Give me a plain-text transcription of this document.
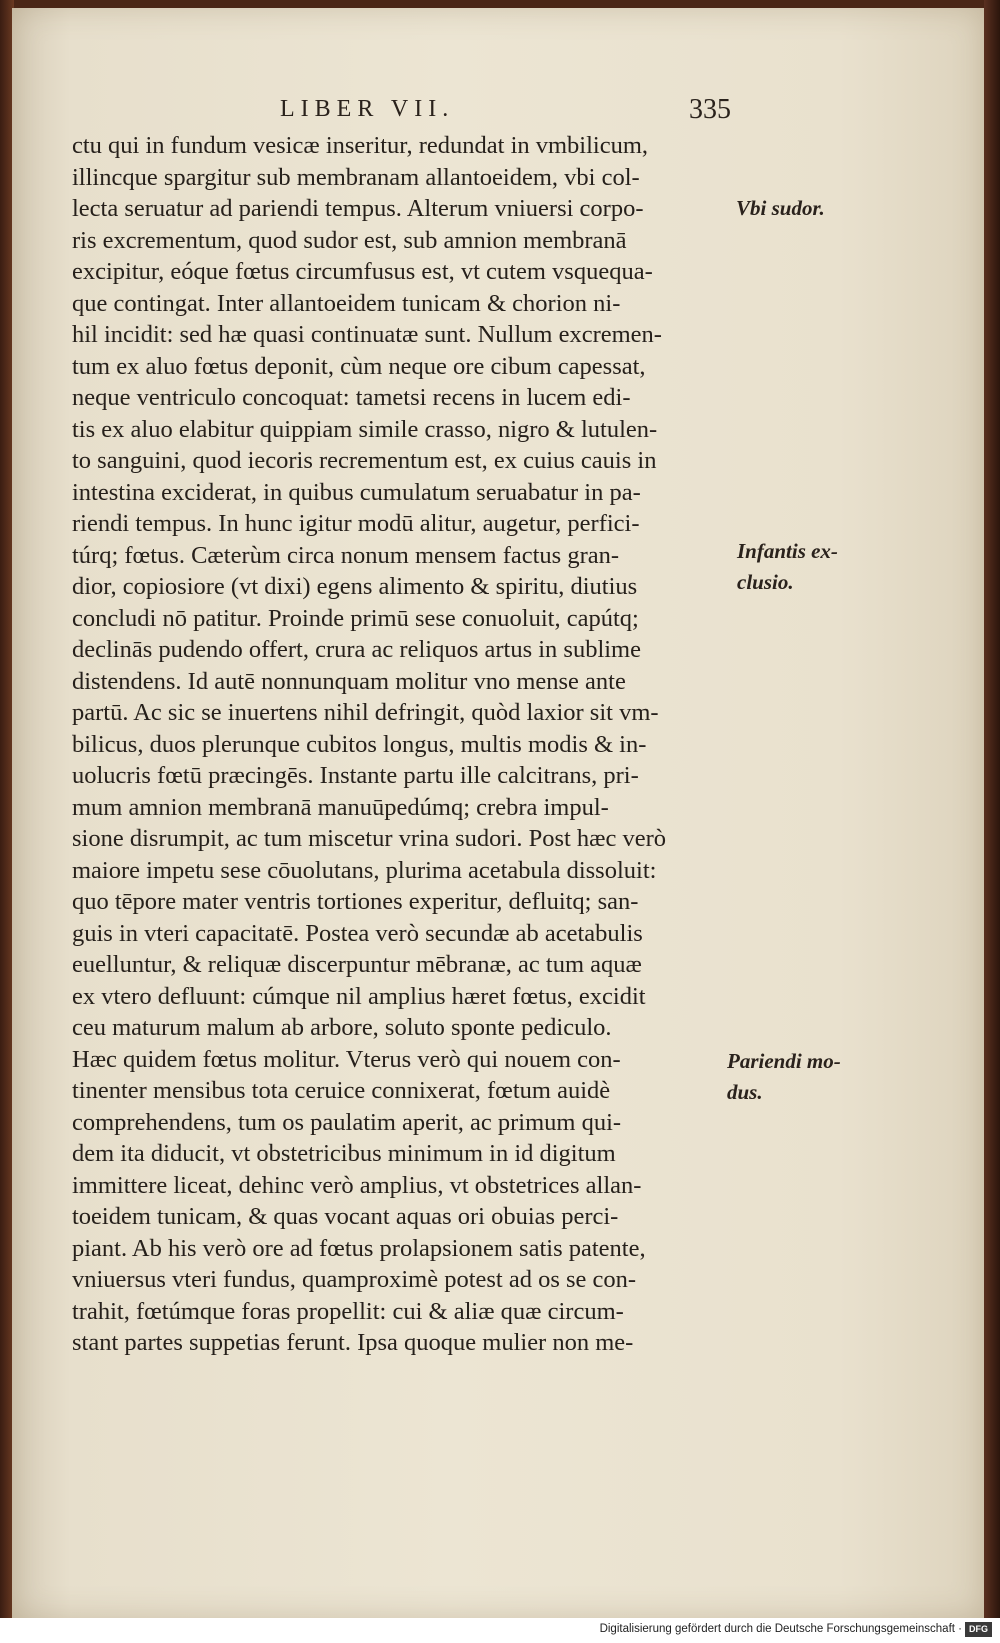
LIBER VII.	335
ctu qui in fundum vesicæ inseritur, redundat in vmbilicum,
illincque spargitur sub membranam allantoeidem, vbi col-
lecta seruatur ad pariendi tempus. Alterum vniuersi corpo-
ris excrementum, quod sudor est, sub amnion membranā
excipitur, eóque fœtus circumfusus est, vt cutem vsquequa-
que contingat. Inter allantoeidem tunicam & chorion ni-
hil incidit: sed hæ quasi continuatæ sunt. Nullum excremen-
tum ex aluo fœtus deponit, cùm neque ore cibum capessat,
neque ventriculo concoquat: tametsi recens in lucem edi-
tis ex aluo elabitur quippiam simile crasso, nigro & lutulen-
to sanguini, quod iecoris recrementum est, ex cuius cauis in
intestina exciderat, in quibus cumulatum seruabatur in pa-
riendi tempus. In hunc igitur modū alitur, augetur, perfici-
túrq; fœtus. Cæterùm circa nonum mensem factus gran-
dior, copiosiore (vt dixi) egens alimento & spiritu, diutius
concludi nō patitur. Proinde primū sese conuoluit, capútq;
declinās pudendo offert, crura ac reliquos artus in sublime
distendens. Id autē nonnunquam molitur vno mense ante
partū. Ac sic se inuertens nihil defringit, quòd laxior sit vm-
bilicus, duos plerunque cubitos longus, multis modis & in-
uolucris fœtū præcingēs. Instante partu ille calcitrans, pri-
mum amnion membranā manuūpedúmq; crebra impul-
sione disrumpit, ac tum miscetur vrina sudori. Post hæc verò
maiore impetu sese cōuolutans, plurima acetabula dissoluit:
quo tēpore mater ventris tortiones experitur, defluitq; san-
guis in vteri capacitatē. Postea verò secundæ ab acetabulis
euelluntur, & reliquæ discerpuntur mēbranæ, ac tum aquæ
ex vtero defluunt: cúmque nil amplius hæret fœtus, excidit
ceu maturum malum ab arbore, soluto sponte pediculo.
Hæc quidem fœtus molitur. Vterus verò qui nouem con-
tinenter mensibus tota ceruice connixerat, fœtum auidè
comprehendens, tum os paulatim aperit, ac primum qui-
dem ita diducit, vt obstetricibus minimum in id digitum
immittere liceat, dehinc verò amplius, vt obstetrices allan-
toeidem tunicam, & quas vocant aquas ori obuias perci-
piant. Ab his verò ore ad fœtus prolapsionem satis patente,
vniuersus vteri fundus, quamproximè potest ad os se con-
trahit, fœtúmque foras propellit: cui & aliæ quæ circum-
stant partes suppetias ferunt. Ipsa quoque mulier non me-
Vbi sudor.
Infantis ex-
clusio.
Pariendi mo-
dus.
Digitalisierung gefördert durch die Deutsche Forschungsgemeinschaft · DFG
